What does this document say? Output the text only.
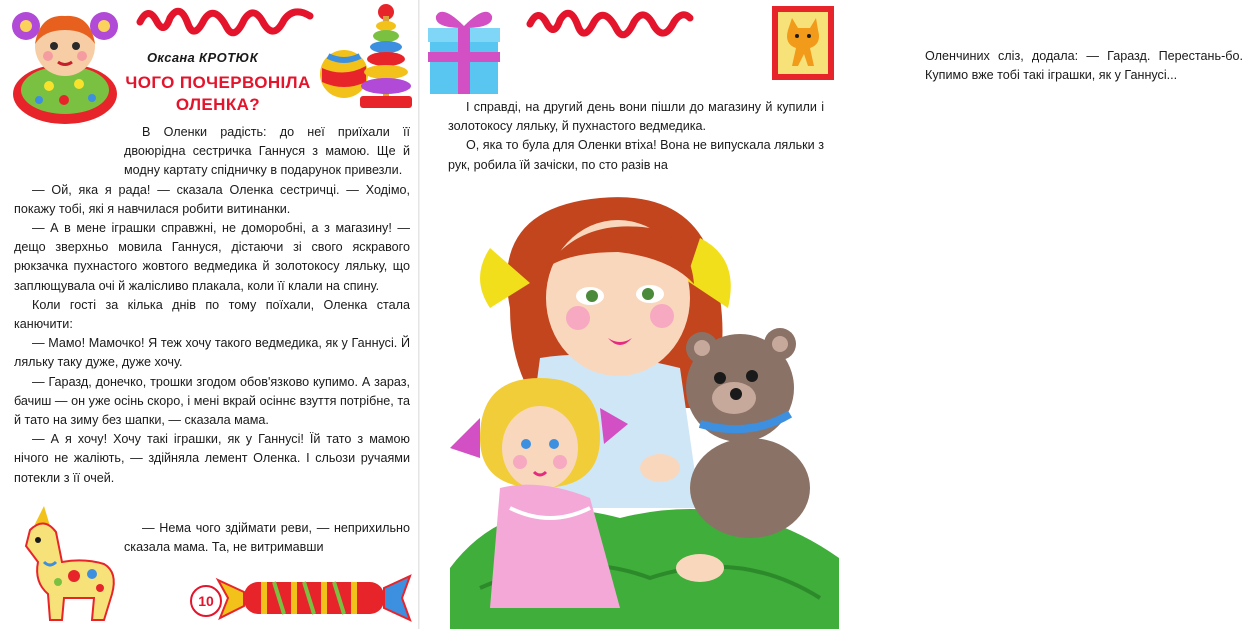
Оксана КРОТЮК
ЧОГО ПОЧЕРВОНІЛА
ОЛЕНКА?

В Оленки радість: до неї приїхали її двоюрідна сестричка Ганнуся з мамою. Ще й модну картату спідничку в подарунок привезли.

— Ой, яка я рада! — сказала Оленка сестричці. — Ходімо, покажу тобі, які я навчилася робити витинанки.

— А в мене іграшки справжні, не доморобні, а з магазину! — дещо зверхньо мовила Ганнуся, дістаючи зі свого яскравого рюкзачка пухнастого жовтого ведмедика й золотокосу ляльку, що заплющувала очі й жалісливо плакала, коли її клали на спину.

Коли гості за кілька днів по тому поїхали, Оленка стала канючити:

— Мамо! Мамочко! Я теж хочу такого ведмедика, як у Ганнусі. Й ляльку таку дуже, дуже хочу.

— Гаразд, донечко, трошки згодом обов'язково купимо. А зараз, бачиш — он уже осінь скоро, і мені вкрай осіннє взуття потрібне, та й тато на зиму без шапки, — сказала мама.

— А я хочу! Хочу такі іграшки, як у Ганнусі! Їй тато з мамою нічого не жаліють, — здійняла лемент Оленка. І сльози ручаями потекли з її очей.

— Нема чого здіймати реви, — неприхильно сказала мама. Та, не витримавши

10

Оленчиних сліз, додала: — Гаразд. Перестань-бо. Купимо вже тобі такі іграшки, як у Ганнусі...

І справді, на другий день вони пішли до магазину й купили і золотокосу ляльку, й пухнастого ведмедика.

О, яка то була для Оленки втіха! Вона не випускала ляльки з рук, робила їй зачіски, по сто разів на
